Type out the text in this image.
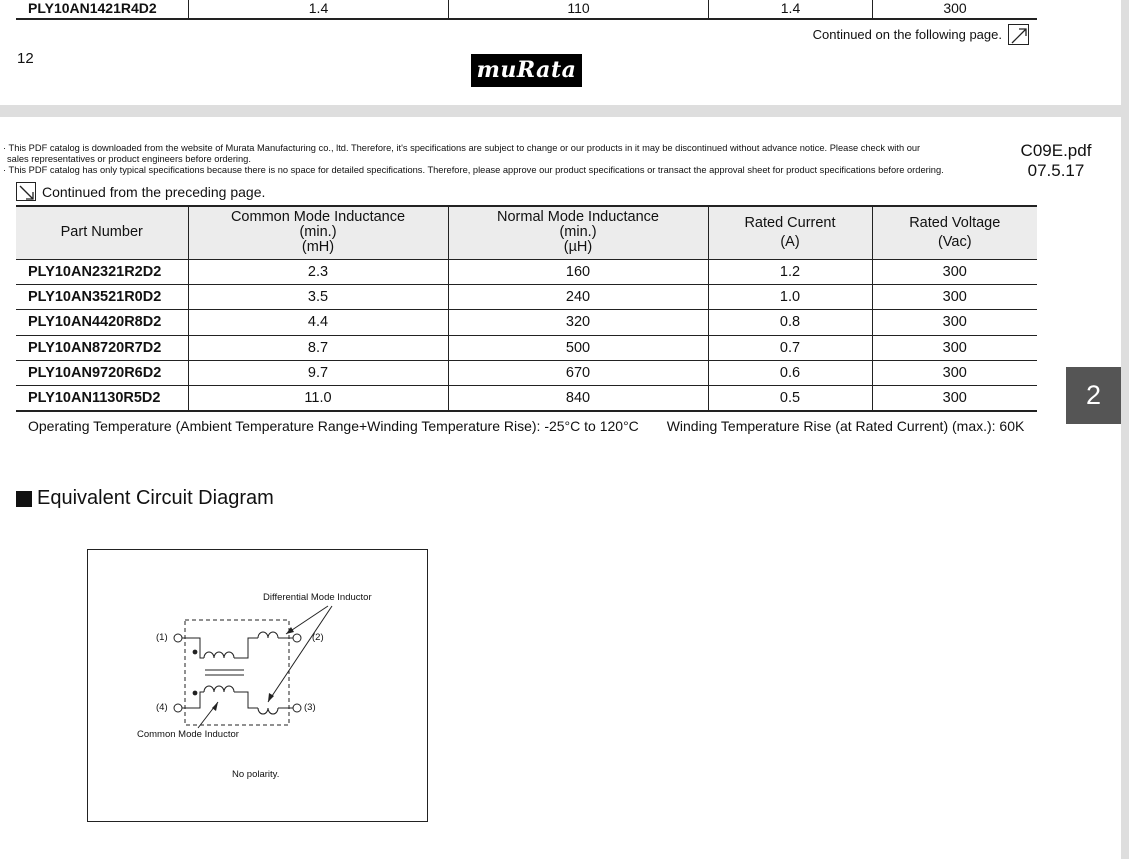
PLY10AN1421R4D2	1.4	110	1.4	300
Continued on the following page.
12	muRata

· This PDF catalog is downloaded from the website of Murata Manufacturing co., ltd. Therefore, it's specifications are subject to change or our products in it may be discontinued without advance notice. Please check with our

sales representatives or product engineers before ordering.

· This PDF catalog has only typical specifications because there is no space for detailed specifications. Therefore, please approve our product specifications or transact the approval sheet for product specifications before ordering.

C09E.pdf
07.5.17
Continued from the preceding page.
Part Number	Common Mode Inductance
(min.)
(mH)	Normal Mode Inductance
(min.)
(µH)	Rated Current
(A)	Rated Voltage
(Vac)

PLY10AN2321R2D2	2.3	160	1.2	300
PLY10AN3521R0D2	3.5	240	1.0	300
PLY10AN4420R8D2	4.4	320	0.8	300
PLY10AN8720R7D2	8.7	500	0.7	300
PLY10AN9720R6D2	9.7	670	0.6	300
PLY10AN1130R5D2	11.0	840	0.5	300	2
Operating Temperature (Ambient Temperature Range+Winding Temperature Rise): -25°C to 120°C Winding Temperature Rise (at Rated Current) (max.): 60K
Equivalent Circuit Diagram
Differential Mode Inductor
(1)	(2)
(4)	(3)
Common Mode Inductor
No polarity.
